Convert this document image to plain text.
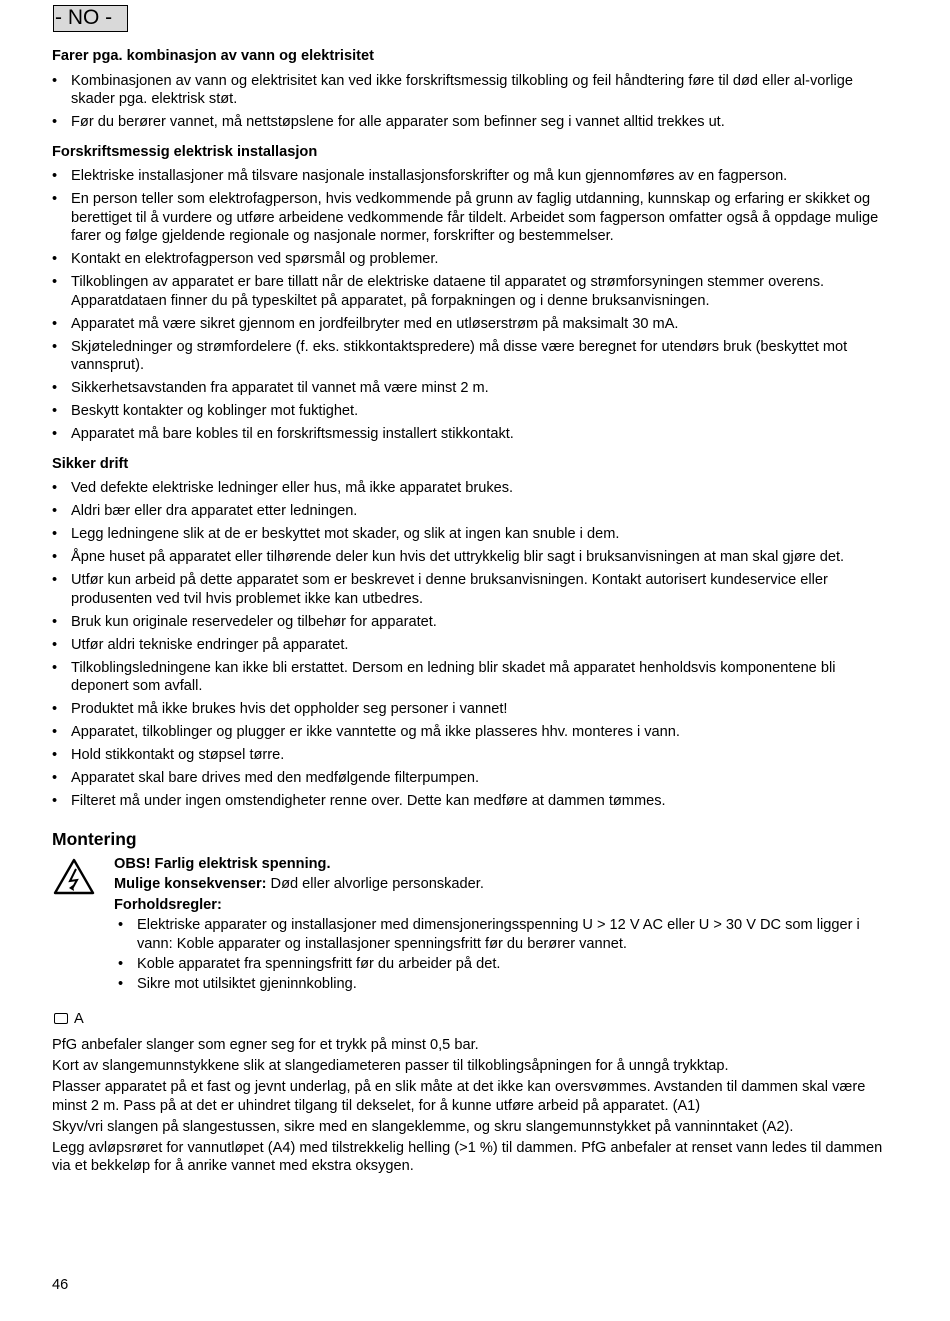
- NO -
Farer pga. kombinasjon av vann og elektrisitet
• Kombinasjonen av vann og elektrisitet kan ved ikke forskriftsmessig tilkobling og feil håndtering føre til død eller al-vorlige skader pga. elektrisk støt.
• Før du berører vannet, må nettstøpslene for alle apparater som befinner seg i vannet alltid trekkes ut.
Forskriftsmessig elektrisk installasjon
• Elektriske installasjoner må tilsvare nasjonale installasjonsforskrifter og må kun gjennomføres av en fagperson.
• En person teller som elektrofagperson, hvis vedkommende på grunn av faglig utdanning, kunnskap og erfaring er skikket og berettiget til å vurdere og utføre arbeidene vedkommende får tildelt. Arbeidet som fagperson omfatter også å oppdage mulige farer og følge gjeldende regionale og nasjonale normer, forskrifter og bestemmelser.
• Kontakt en elektrofagperson ved spørsmål og problemer.
• Tilkoblingen av apparatet er bare tillatt når de elektriske dataene til apparatet og strømforsyningen stemmer overens. Apparatdataen finner du på typeskiltet på apparatet, på forpakningen og i denne bruksanvisningen.
• Apparatet må være sikret gjennom en jordfeilbryter med en utløserstrøm på maksimalt 30 mA.
• Skjøteledninger og strømfordelere (f. eks. stikkontaktspredere) må disse være beregnet for utendørs bruk (beskyttet mot vannsprut).
• Sikkerhetsavstanden fra apparatet til vannet må være minst 2 m.
• Beskytt kontakter og koblinger mot fuktighet.
• Apparatet må bare kobles til en forskriftsmessig installert stikkontakt.
Sikker drift
• Ved defekte elektriske ledninger eller hus, må ikke apparatet brukes.
• Aldri bær eller dra apparatet etter ledningen.
• Legg ledningene slik at de er beskyttet mot skader, og slik at ingen kan snuble i dem.
• Åpne huset på apparatet eller tilhørende deler kun hvis det uttrykkelig blir sagt i bruksanvisningen at man skal gjøre det.
• Utfør kun arbeid på dette apparatet som er beskrevet i denne bruksanvisningen. Kontakt autorisert kundeservice eller produsenten ved tvil hvis problemet ikke kan utbedres.
• Bruk kun originale reservedeler og tilbehør for apparatet.
• Utfør aldri tekniske endringer på apparatet.
• Tilkoblingsledningene kan ikke bli erstattet. Dersom en ledning blir skadet må apparatet henholdsvis komponentene bli deponert som avfall.
• Produktet må ikke brukes hvis det oppholder seg personer i vannet!
• Apparatet, tilkoblinger og plugger er ikke vanntette og må ikke plasseres hhv. monteres i vann.
• Hold stikkontakt og støpsel tørre.
• Apparatet skal bare drives med den medfølgende filterpumpen.
• Filteret må under ingen omstendigheter renne over. Dette kan medføre at dammen tømmes.
Montering

OBS! Farlig elektrisk spenning.

Mulige konsekvenser: Død eller alvorlige personskader.

Forholdsregler:

• Elektriske apparater og installasjoner med dimensjoneringsspenning U > 12 V AC eller U > 30 V DC som ligger i vann: Koble apparater og installasjoner spenningsfritt før du berører vannet.
• Koble apparatet fra spenningsfritt før du arbeider på det.
• Sikre mot utilsiktet gjeninnkobling.
A

PfG anbefaler slanger som egner seg for et trykk på minst 0,5 bar.

Kort av slangemunnstykkene slik at slangediameteren passer til tilkoblingsåpningen for å unngå trykktap.

Plasser apparatet på et fast og jevnt underlag, på en slik måte at det ikke kan oversvømmes. Avstanden til dammen skal være minst 2 m. Pass på at det er uhindret tilgang til dekselet, for å kunne utføre arbeid på apparatet. (A1)

Skyv/vri slangen på slangestussen, sikre med en slangeklemme, og skru slangemunnstykket på vanninntaket (A2).

Legg avløpsrøret for vannutløpet (A4) med tilstrekkelig helling (>1 %) til dammen. PfG anbefaler at renset vann ledes til dammen via et bekkeløp for å anrike vannet med ekstra oksygen.

46
